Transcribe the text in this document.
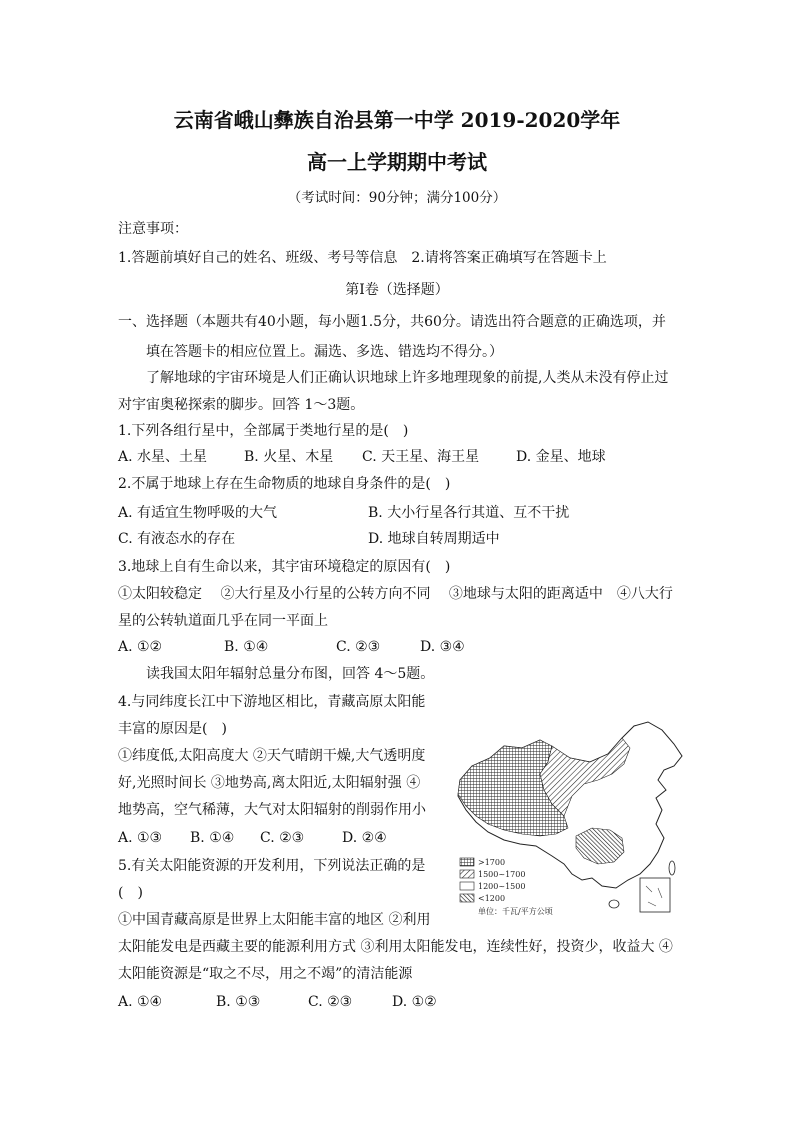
云南省峨山彝族自治县第一中学 2019-2020学年
高一上学期期中考试
（考试时间：90分钟；满分100分）
注意事项：
1.答题前填好自己的姓名、班级、考号等信息　2.请将答案正确填写在答题卡上
第Ⅰ卷（选择题）
一、选择题（本题共有40小题，每小题1.5分，共60分。请选出符合题意的正确选项，并
填在答题卡的相应位置上。漏选、多选、错选均不得分。）
了解地球的宇宙环境是人们正确认识地球上许多地理现象的前提,人类从未没有停止过
对宇宙奥秘探索的脚步。回答 1～3题。
1.下列各组行星中，全部属于类地行星的是(　)
A. 水星、土星	B. 火星、木星 C. 天王星、海王星	D. 金星、地球
2.不属于地球上存在生命物质的地球自身条件的是(　)
A. 有适宜生物呼吸的大气	B. 大小行星各行其道、互不干扰
C. 有液态水的存在	D. 地球自转周期适中
3.地球上自有生命以来，其宇宙环境稳定的原因有(　)
①太阳较稳定　 ②大行星及小行星的公转方向不同　 ③地球与太阳的距离适中　④八大行
星的公转轨道面几乎在同一平面上
A. ①②	B. ①④	C. ②③	D. ③④
读我国太阳年辐射总量分布图，回答 4～5题。
4.与同纬度长江中下游地区相比，青藏高原太阳能
丰富的原因是(　)
①纬度低,太阳高度大 ②天气晴朗干燥,大气透明度
好,光照时间长 ③地势高,离太阳近,太阳辐射强 ④
地势高，空气稀薄，大气对太阳辐射的削弱作用小
A. ①③ B. ①④ C. ②③	D. ②④
5.有关太阳能资源的开发利用，下列说法正确的是
(　)
①中国青藏高原是世界上太阳能丰富的地区 ②利用
太阳能发电是西藏主要的能源利用方式 ③利用太阳能发电，连续性好，投资少，收益大 ④
太阳能资源是“取之不尽，用之不竭”的清洁能源
A. ①④	B. ①③	C. ②③	D. ①②
>1700
1500~1700
1200~1500
<1200
单位：千瓦/平方公顷
